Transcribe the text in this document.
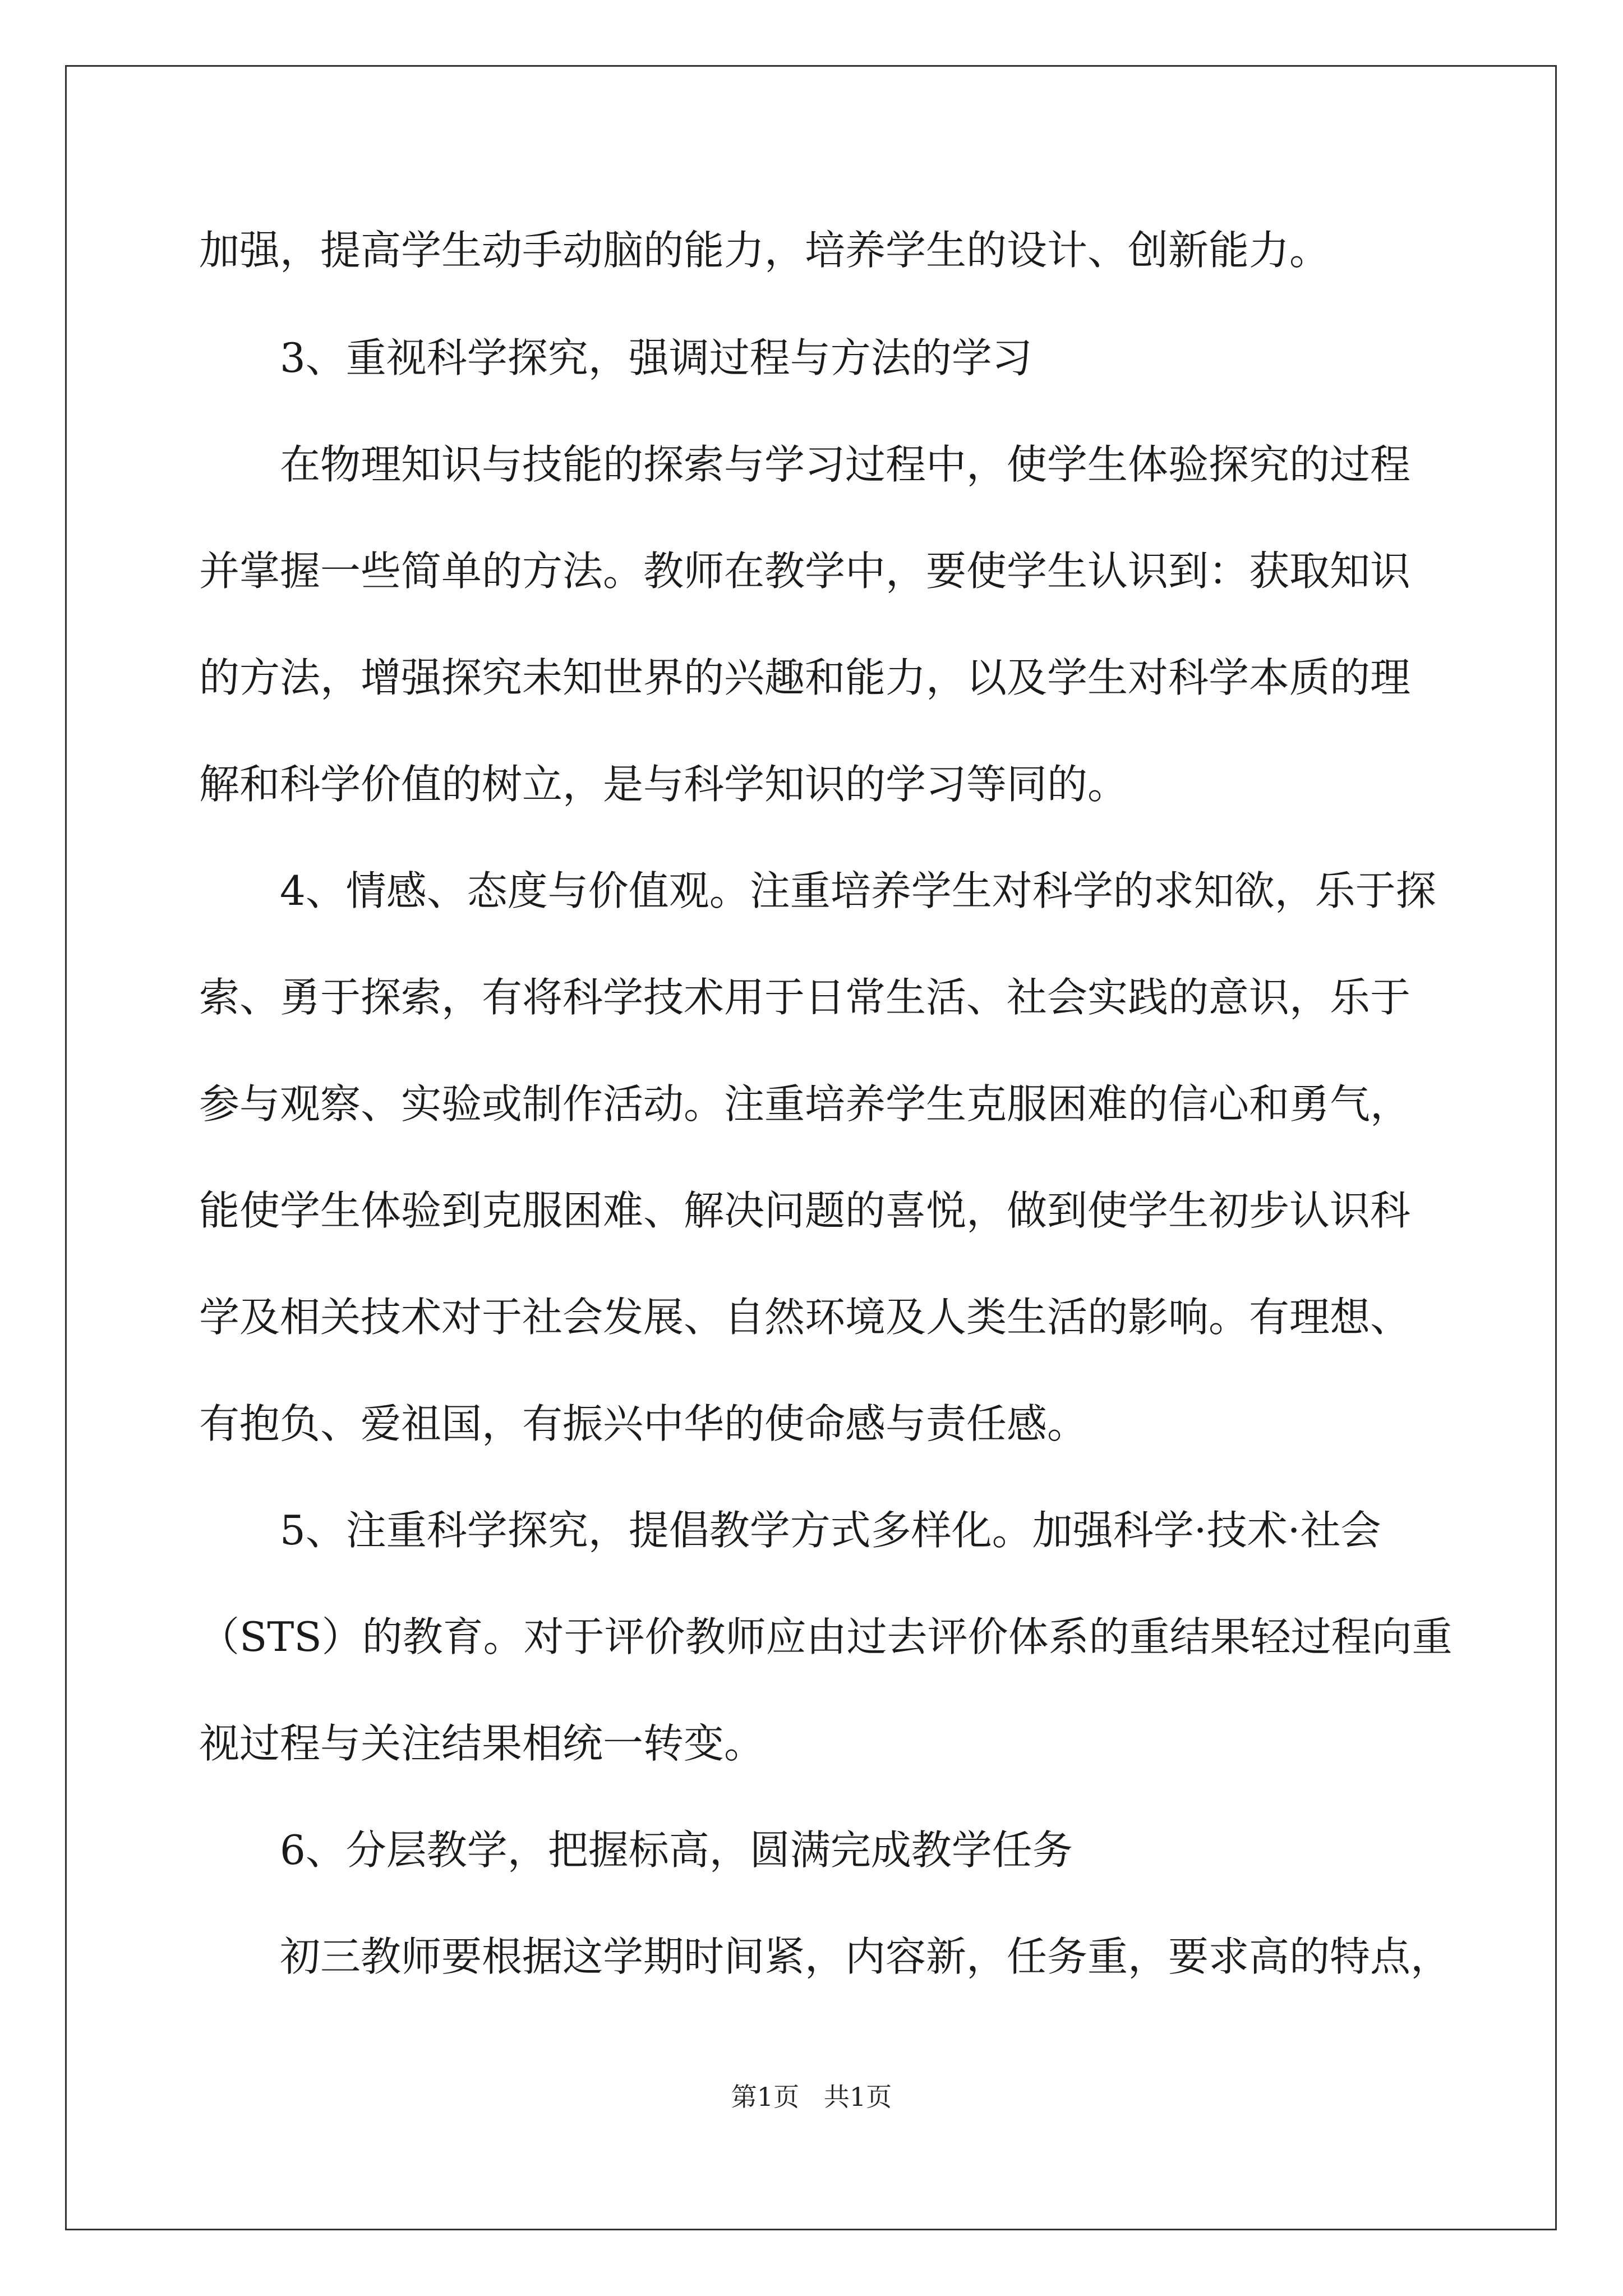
加强，提高学生动手动脑的能力，培养学生的设计、创新能力。
3、重视科学探究，强调过程与方法的学习
在物理知识与技能的探索与学习过程中，使学生体验探究的过程
并掌握一些简单的方法。教师在教学中，要使学生认识到：获取知识
的方法，增强探究未知世界的兴趣和能力，以及学生对科学本质的理
解和科学价值的树立，是与科学知识的学习等同的。
4、情感、态度与价值观。注重培养学生对科学的求知欲，乐于探
索、勇于探索，有将科学技术用于日常生活、社会实践的意识，乐于
参与观察、实验或制作活动。注重培养学生克服困难的信心和勇气，
能使学生体验到克服困难、解决问题的喜悦，做到使学生初步认识科
学及相关技术对于社会发展、自然环境及人类生活的影响。有理想、
有抱负、爱祖国，有振兴中华的使命感与责任感。
5、注重科学探究，提倡教学方式多样化。加强科学·技术·社会
（STS）的教育。对于评价教师应由过去评价体系的重结果轻过程向重
视过程与关注结果相统一转变。
6、分层教学，把握标高，圆满完成教学任务
初三教师要根据这学期时间紧，内容新，任务重，要求高的特点，
第1页   共1页
